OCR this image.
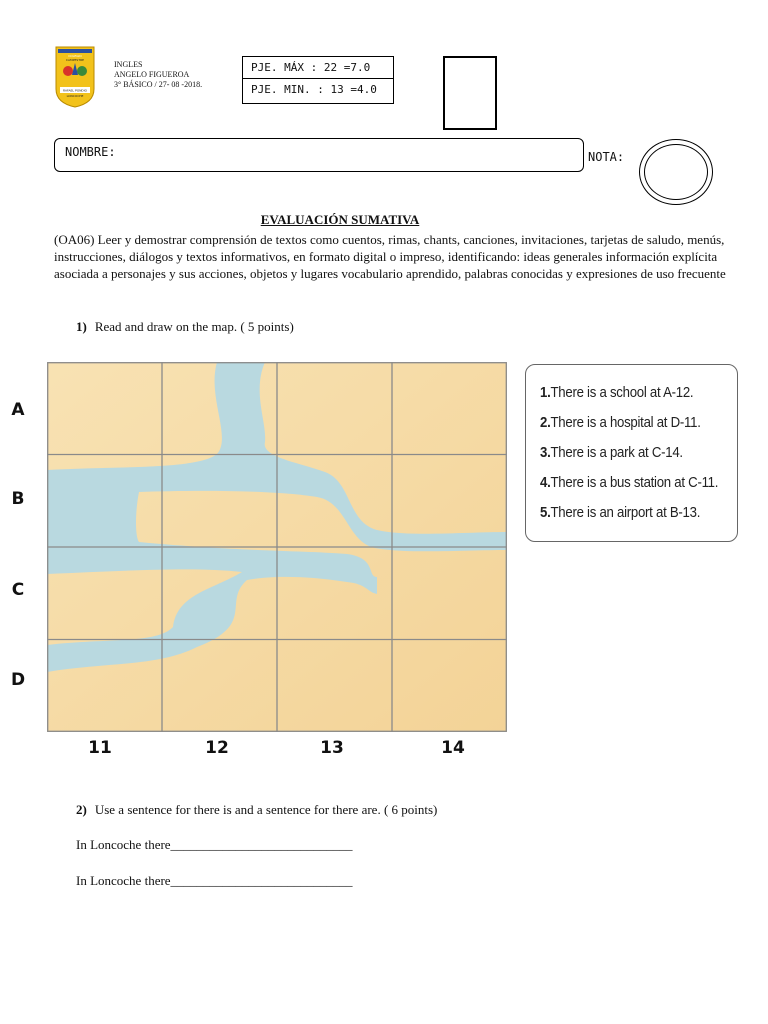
COLEGIO
CAMPESTRE
RAFAEL PONDIO
LONCOCHE
INGLES
ANGELO FIGUEROA
3° BÁSICO / 27- 08 -2018.
PJE. MÁX : 22 =7.0
PJE. MIN. : 13 =4.0
NOMBRE:	NOTA:
EVALUACIÓN SUMATIVA
(OA06) Leer y demostrar comprensión de textos como cuentos, rimas, chants, canciones, invitaciones, tarjetas de saludo, menús, instrucciones, diálogos y textos informativos, en formato digital o impreso, identificando: ideas generales información explícita asociada a personajes y sus acciones, objetos y lugares vocabulario aprendido, palabras conocidas y expresiones de uso frecuente
1) Read and draw on the map. ( 5 points)
A
B
C
D
11	12	13	14
1.There is a school at A-12.
2.There is a hospital at D-11.
3.There is a park at C-14.
4.There is a bus station at C-11.
5.There is an airport at B-13.
2) Use a sentence for there is and a sentence for there are. ( 6 points)
In Loncoche there____________________________
In Loncoche there____________________________
